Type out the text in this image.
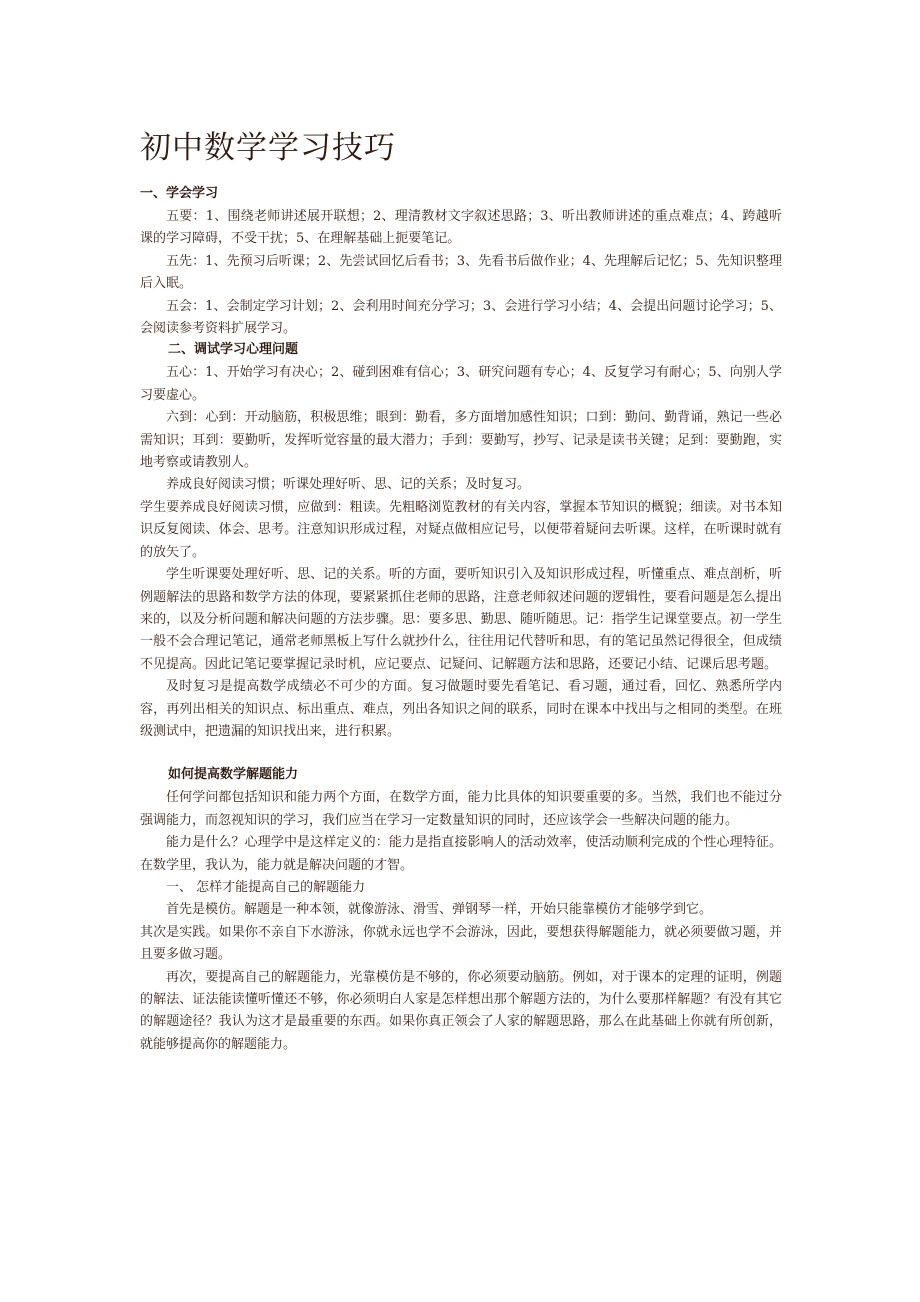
初中数学学习技巧
一、学会学习

五要：1、围绕老师讲述展开联想；2、理清教材文字叙述思路；3、听出教师讲述的重点难点；4、跨越听课的学习障碍，不受干扰；5、在理解基础上扼要笔记。

五先：1、先预习后听课；2、先尝试回忆后看书；3、先看书后做作业；4、先理解后记忆；5、先知识整理后入眠。

五会：1、会制定学习计划；2、会利用时间充分学习；3、会进行学习小结；4、会提出问题讨论学习；5、会阅读参考资料扩展学习。

二、调试学习心理问题

五心：1、开始学习有决心；2、碰到困难有信心；3、研究问题有专心；4、反复学习有耐心；5、向别人学习要虚心。

六到：心到：开动脑筋，积极思维；眼到：勤看，多方面增加感性知识；口到：勤问、勤背诵，熟记一些必需知识；耳到：要勤听，发挥听觉容量的最大潜力；手到：要勤写，抄写、记录是读书关键；足到：要勤跑，实地考察或请教别人。

养成良好阅读习惯；听课处理好听、思、记的关系；及时复习。

学生要养成良好阅读习惯，应做到：粗读。先粗略浏览教材的有关内容，掌握本节知识的概貌；细读。对书本知识反复阅读、体会、思考。注意知识形成过程，对疑点做相应记号，以便带着疑问去听课。这样，在听课时就有的放矢了。

学生听课要处理好听、思、记的关系。听的方面，要听知识引入及知识形成过程，听懂重点、难点剖析，听例题解法的思路和数学方法的体现，要紧紧抓住老师的思路，注意老师叙述问题的逻辑性，要看问题是怎么提出来的，以及分析问题和解决问题的方法步骤。思：要多思、勤思、随听随思。记：指学生记课堂要点。初一学生一般不会合理记笔记，通常老师黑板上写什么就抄什么，往往用记代替听和思，有的笔记虽然记得很全，但成绩不见提高。因此记笔记要掌握记录时机，应记要点、记疑问、记解题方法和思路，还要记小结、记课后思考题。

及时复习是提高数学成绩必不可少的方面。复习做题时要先看笔记、看习题，通过看，回忆、熟悉所学内容，再列出相关的知识点、标出重点、难点，列出各知识之间的联系，同时在课本中找出与之相同的类型。在班级测试中，把遗漏的知识找出来，进行积累。

如何提高数学解题能力

任何学问都包括知识和能力两个方面，在数学方面，能力比具体的知识要重要的多。当然，我们也不能过分强调能力，而忽视知识的学习，我们应当在学习一定数量知识的同时，还应该学会一些解决问题的能力。

能力是什么？心理学中是这样定义的：能力是指直接影响人的活动效率，使活动顺利完成的个性心理特征。在数学里，我认为，能力就是解决问题的才智。

一、 怎样才能提高自己的解题能力

首先是模仿。解题是一种本领，就像游泳、滑雪、弹钢琴一样，开始只能靠模仿才能够学到它。

其次是实践。如果你不亲自下水游泳，你就永远也学不会游泳，因此，要想获得解题能力，就必须要做习题，并且要多做习题。

再次，要提高自己的解题能力，光靠模仿是不够的，你必须要动脑筋。例如，对于课本的定理的证明，例题的解法、证法能读懂听懂还不够，你必须明白人家是怎样想出那个解题方法的，为什么要那样解题？有没有其它的解题途径？我认为这才是最重要的东西。如果你真正领会了人家的解题思路，那么在此基础上你就有所创新，就能够提高你的解题能力。
